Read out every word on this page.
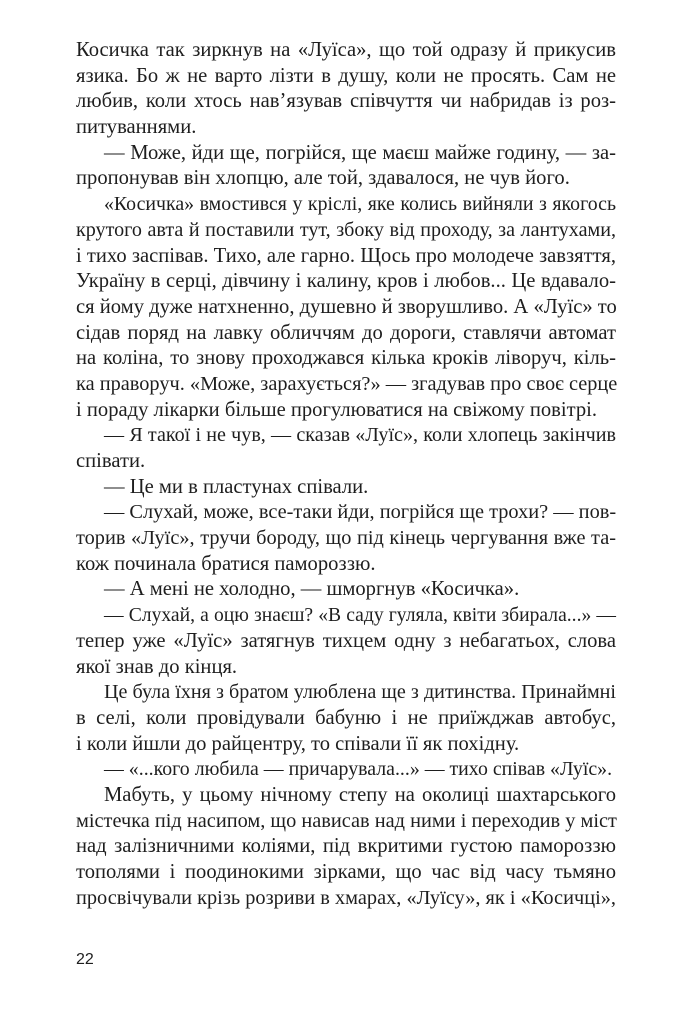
Косичка так зиркнув на «Луїса», що той одразу й прикусив
язика. Бо ж не варто лізти в душу, коли не просять. Сам не
любив, коли хтось нав’язував співчуття чи набридав із роз-
питуваннями.
— Може, йди ще, погрійся, ще маєш майже годину, — за-
пропонував він хлопцю, але той, здавалося, не чув його.
«Косичка» вмостився у кріслі, яке колись вийняли з якогось
крутого авта й поставили тут, збоку від проходу, за лантухами,
і тихо заспівав. Тихо, але гарно. Щось про молодече завзяття,
Україну в серці, дівчину і калину, кров і любов... Це вдавало-
ся йому дуже натхненно, душевно й зворушливо. А «Луїс» то
сідав поряд на лавку обличчям до дороги, ставлячи автомат
на коліна, то знову проходжався кілька кроків ліворуч, кіль-
ка праворуч. «Може, зарахується?» — згадував про своє серце
і пораду лікарки більше прогулюватися на свіжому повітрі.
— Я такої і не чув, — сказав «Луїс», коли хлопець закінчив
співати.
— Це ми в пластунах співали.
— Слухай, може, все-таки йди, погрійся ще трохи? — пов-
торив «Луїс», тручи бороду, що під кінець чергування вже та-
кож починала братися памороззю.
— А мені не холодно, — шморгнув «Косичка».
— Слухай, а оцю знаєш? «В саду гуляла, квіти збирала...» —
тепер уже «Луїс» затягнув тихцем одну з небагатьох, слова
якої знав до кінця.
Це була їхня з братом улюблена ще з дитинства. Принаймні
в селі, коли провідували бабуню і не приїжджав автобус,
і коли йшли до райцентру, то співали її як похідну.
— «...кого любила — причарувала...» — тихо співав «Луїс».
Мабуть, у цьому нічному степу на околиці шахтарського
містечка під насипом, що нависав над ними і переходив у міст
над залізничними коліями, під вкритими густою памороззю
тополями і поодинокими зірками, що час від часу тьмяно
просвічували крізь розриви в хмарах, «Луїсу», як і «Косичці»,
22
